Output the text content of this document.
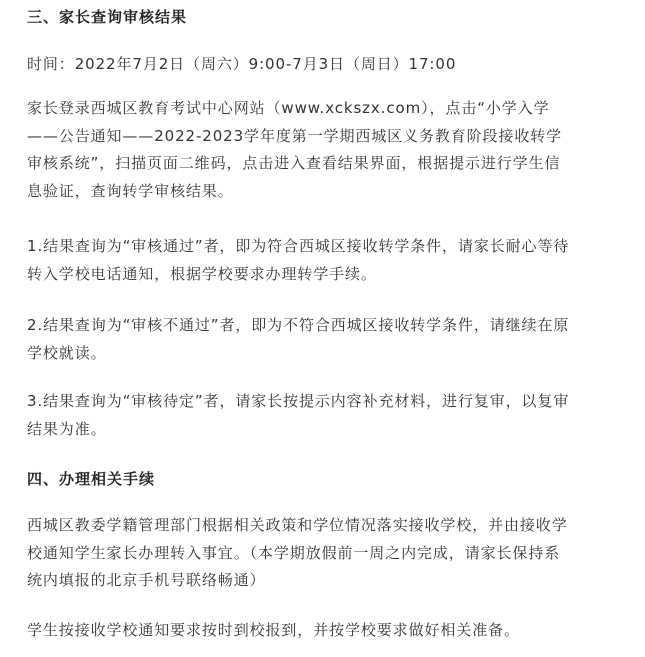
三、家长查询审核结果

时间：2022年7月2日（周六）9:00-7月3日（周日）17:00

家长登录西城区教育考试中心网站（www.xckszx.com），点击“小学入学
——公告通知——2022-2023学年度第一学期西城区义务教育阶段接收转学
审核系统”，扫描页面二维码，点击进入查看结果界面，根据提示进行学生信
息验证，查询转学审核结果。

1.结果查询为“审核通过”者，即为符合西城区接收转学条件，请家长耐心等待
转入学校电话通知，根据学校要求办理转学手续。

2.结果查询为“审核不通过”者，即为不符合西城区接收转学条件，请继续在原
学校就读。

3.结果查询为“审核待定”者，请家长按提示内容补充材料，进行复审，以复审
结果为准。

四、办理相关手续

西城区教委学籍管理部门根据相关政策和学位情况落实接收学校，并由接收学
校通知学生家长办理转入事宜。（本学期放假前一周之内完成，请家长保持系
统内填报的北京手机号联络畅通）

学生按接收学校通知要求按时到校报到，并按学校要求做好相关准备。
